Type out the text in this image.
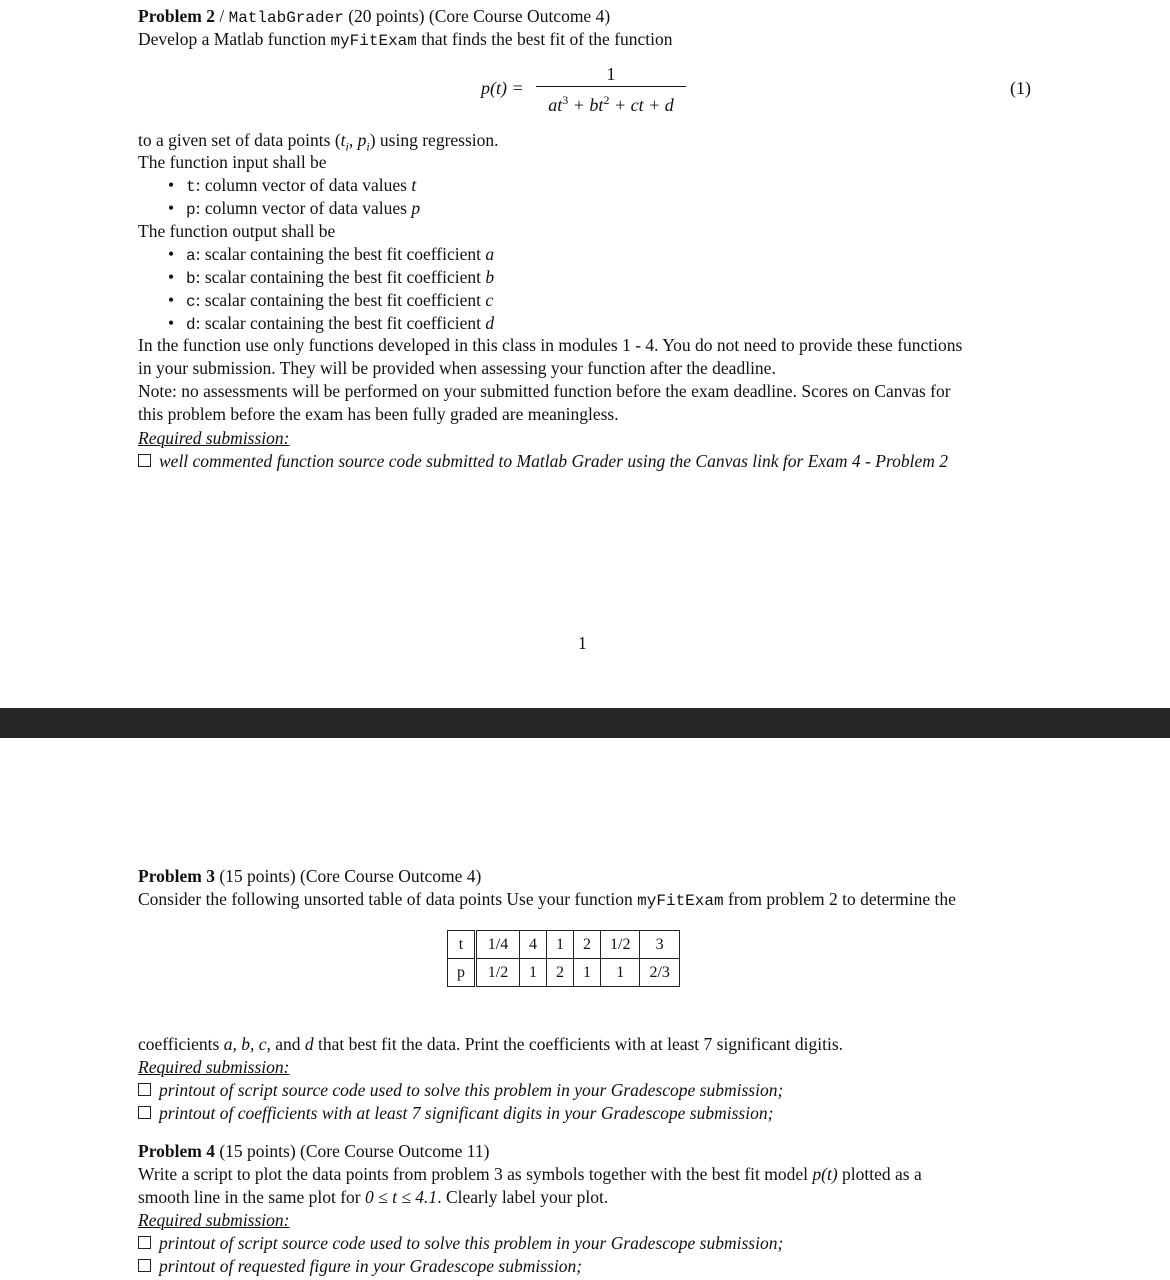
Problem 2 / MatlabGrader (20 points) (Core Course Outcome 4)
Develop a Matlab function myFitExam that finds the best fit of the function
p(t) =
1
$at^3 + bt^2$ + ct + d
(1)
to a given set of data points ($t_i$, $p_i$) using regression.
The function input shall be
• t: column vector of data values t
• p: column vector of data values p
The function output shall be
• a: scalar containing the best fit coefficient a
• b: scalar containing the best fit coefficient b
• c: scalar containing the best fit coefficient c
• d: scalar containing the best fit coefficient d
In the function use only functions developed in this class in modules 1 - 4. You do not need to provide these functions
in your submission. They will be provided when assessing your function after the deadline.
Note: no assessments will be performed on your submitted function before the exam deadline. Scores on Canvas for
this problem before the exam has been fully graded are meaningless.
Required submission:
well commented function source code submitted to Matlab Grader using the Canvas link for Exam 4 - Problem 2
1
Problem 3 (15 points) (Core Course Outcome 4)
Consider the following unsorted table of data points Use your function myFitExam from problem 2 to determine the
t	1/4	4	1	2	1/2	3
p	1/2	1	2	1	1	2/3
coefficients a, b, c, and d that best fit the data. Print the coefficients with at least 7 significant digitis.
Required submission:
printout of script source code used to solve this problem in your Gradescope submission;
printout of coefficients with at least 7 significant digits in your Gradescope submission;
Problem 4 (15 points) (Core Course Outcome 11)
Write a script to plot the data points from problem 3 as symbols together with the best fit model p(t) plotted as a
smooth line in the same plot for 0 ≤ t ≤ 4.1. Clearly label your plot.
Required submission:
printout of script source code used to solve this problem in your Gradescope submission;
printout of requested figure in your Gradescope submission;
